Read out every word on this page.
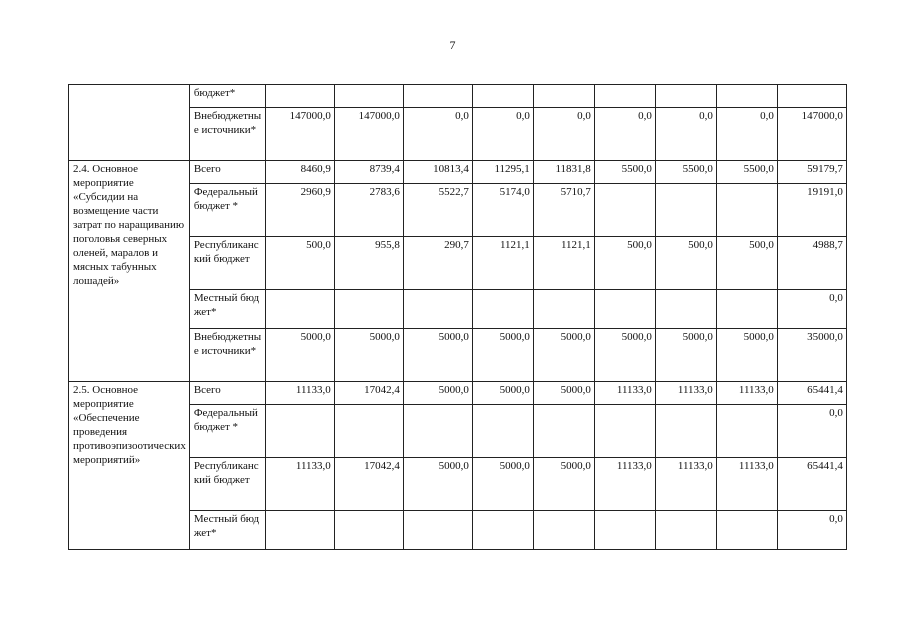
7
	бюджет*									
	Внебюджетные источники*	147000,0	147000,0	0,0	0,0	0,0	0,0	0,0	0,0	147000,0
2.4. Основное мероприятие «Субсидии на возмещение части затрат по наращиванию поголовья северных оленей, маралов и мясных табунных лошадей»	Всего	8460,9	8739,4	10813,4	11295,1	11831,8	5500,0	5500,0	5500,0	59179,7
	Федеральный бюджет *	2960,9	2783,6	5522,7	5174,0	5710,7				19191,0
	Республиканский бюджет	500,0	955,8	290,7	1121,1	1121,1	500,0	500,0	500,0	4988,7
	Местный бюджет*									0,0
	Внебюджетные источники*	5000,0	5000,0	5000,0	5000,0	5000,0	5000,0	5000,0	5000,0	35000,0
2.5. Основное мероприятие «Обеспечение проведения противоэпизоотических мероприятий»	Всего	11133,0	17042,4	5000,0	5000,0	5000,0	11133,0	11133,0	11133,0	65441,4
	Федеральный бюджет *									0,0
	Республиканский бюджет	11133,0	17042,4	5000,0	5000,0	5000,0	11133,0	11133,0	11133,0	65441,4
	Местный бюджет*									0,0
